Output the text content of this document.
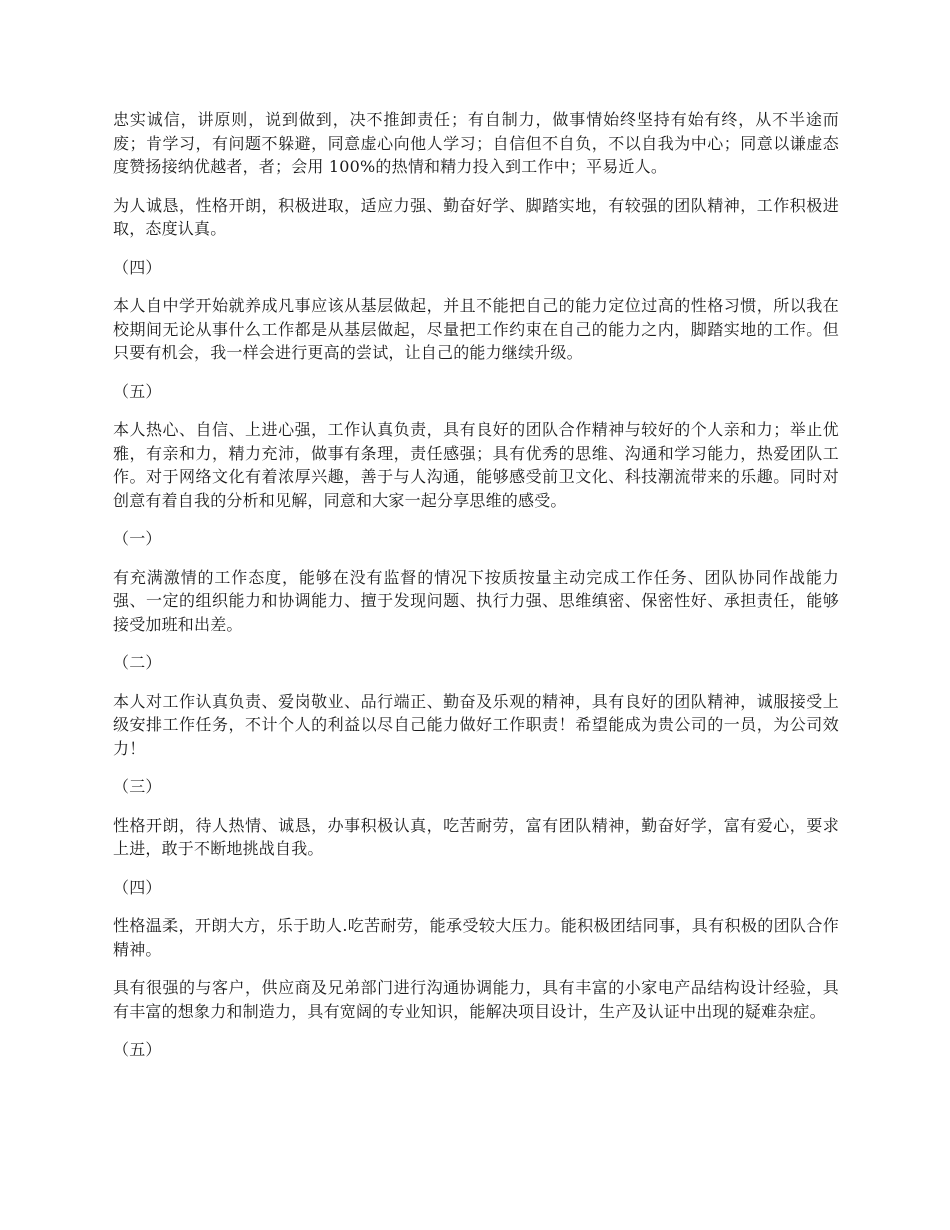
忠实诚信，讲原则，说到做到，决不推卸责任；有自制力，做事情始终坚持有始有终，从不半途而废；肯学习，有问题不躲避，同意虚心向他人学习；自信但不自负，不以自我为中心；同意以谦虚态度赞扬接纳优越者，者；会用 100%的热情和精力投入到工作中；平易近人。

为人诚恳，性格开朗，积极进取，适应力强、勤奋好学、脚踏实地，有较强的团队精神，工作积极进取，态度认真。

（四）

本人自中学开始就养成凡事应该从基层做起，并且不能把自己的能力定位过高的性格习惯，所以我在校期间无论从事什么工作都是从基层做起，尽量把工作约束在自己的能力之内，脚踏实地的工作。但只要有机会，我一样会进行更高的尝试，让自己的能力继续升级。

（五）

本人热心、自信、上进心强，工作认真负责，具有良好的团队合作精神与较好的个人亲和力；举止优雅，有亲和力，精力充沛，做事有条理，责任感强；具有优秀的思维、沟通和学习能力，热爱团队工作。对于网络文化有着浓厚兴趣，善于与人沟通，能够感受前卫文化、科技潮流带来的乐趣。同时对创意有着自我的分析和见解，同意和大家一起分享思维的感受。

（一）

有充满激情的工作态度，能够在没有监督的情况下按质按量主动完成工作任务、团队协同作战能力强、一定的组织能力和协调能力、擅于发现问题、执行力强、思维缜密、保密性好、承担责任，能够接受加班和出差。

（二）

本人对工作认真负责、爱岗敬业、品行端正、勤奋及乐观的精神，具有良好的团队精神，诚服接受上级安排工作任务，不计个人的利益以尽自己能力做好工作职责！希望能成为贵公司的一员，为公司效力！

（三）

性格开朗，待人热情、诚恳，办事积极认真，吃苦耐劳，富有团队精神，勤奋好学，富有爱心，要求上进，敢于不断地挑战自我。

（四）

性格温柔，开朗大方，乐于助人.吃苦耐劳，能承受较大压力。能积极团结同事，具有积极的团队合作精神。

具有很强的与客户，供应商及兄弟部门进行沟通协调能力，具有丰富的小家电产品结构设计经验，具有丰富的想象力和制造力，具有宽阔的专业知识，能解决项目设计，生产及认证中出现的疑难杂症。

（五）
